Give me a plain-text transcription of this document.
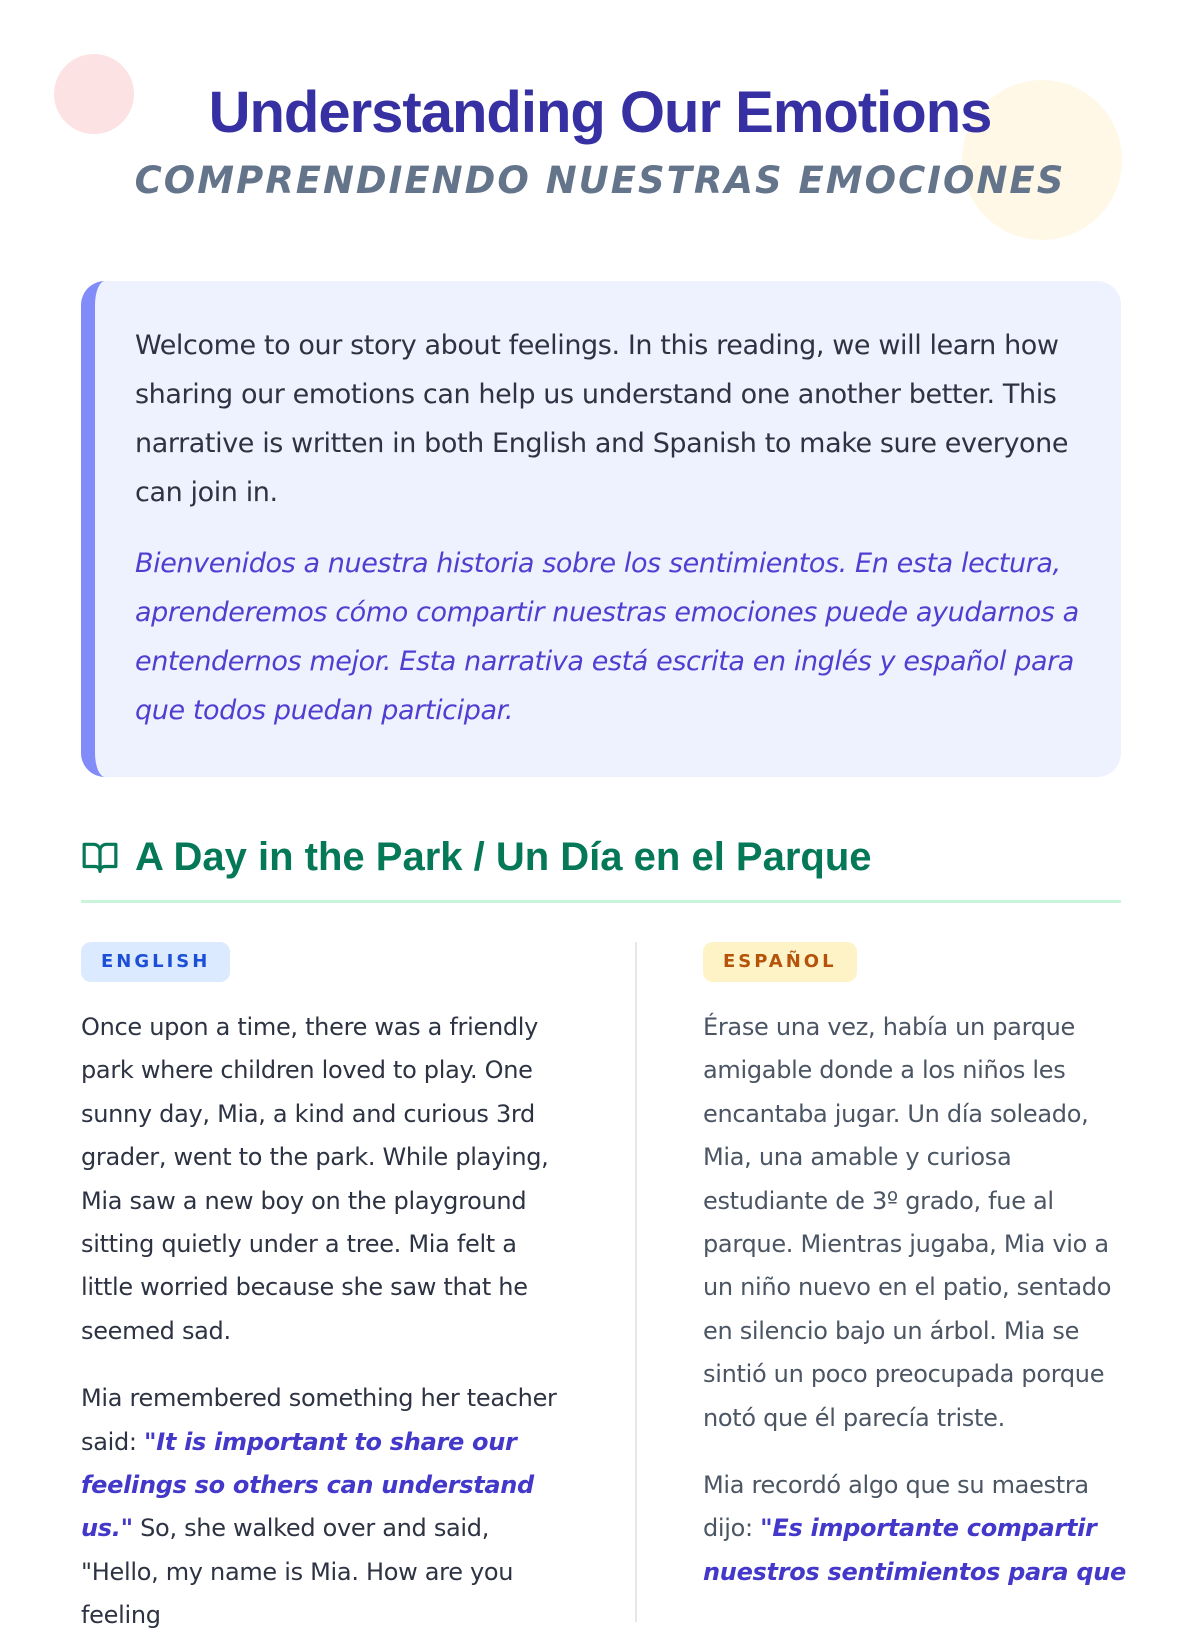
Understanding Our Emotions
COMPRENDIENDO NUESTRAS EMOCIONES

Welcome to our story about feelings. In this reading, we will learn how sharing our emotions can help us understand one another better. This narrative is written in both English and Spanish to make sure everyone can join in.

Bienvenidos a nuestra historia sobre los sentimientos. En esta lectura, aprenderemos cómo compartir nuestras emociones puede ayudarnos a entendernos mejor. Esta narrativa está escrita en inglés y español para que todos puedan participar.

A Day in the Park / Un Día en el Parque
ENGLISH

Once upon a time, there was a friendly park where children loved to play. One sunny day, Mia, a kind and curious 3rd grader, went to the park. While playing, Mia saw a new boy on the playground sitting quietly under a tree. Mia felt a little worried because she saw that he seemed sad.

Mia remembered something her teacher said: "It is important to share our feelings so others can understand us." So, she walked over and said, "Hello, my name is Mia. How are you feeling

ESPAÑOL

Érase una vez, había un parque amigable donde a los niños les encantaba jugar. Un día soleado, Mia, una amable y curiosa estudiante de 3º grado, fue al parque. Mientras jugaba, Mia vio a un niño nuevo en el patio, sentado en silencio bajo un árbol. Mia se sintió un poco preocupada porque notó que él parecía triste.

Mia recordó algo que su maestra dijo: "Es importante compartir nuestros sentimientos para que
